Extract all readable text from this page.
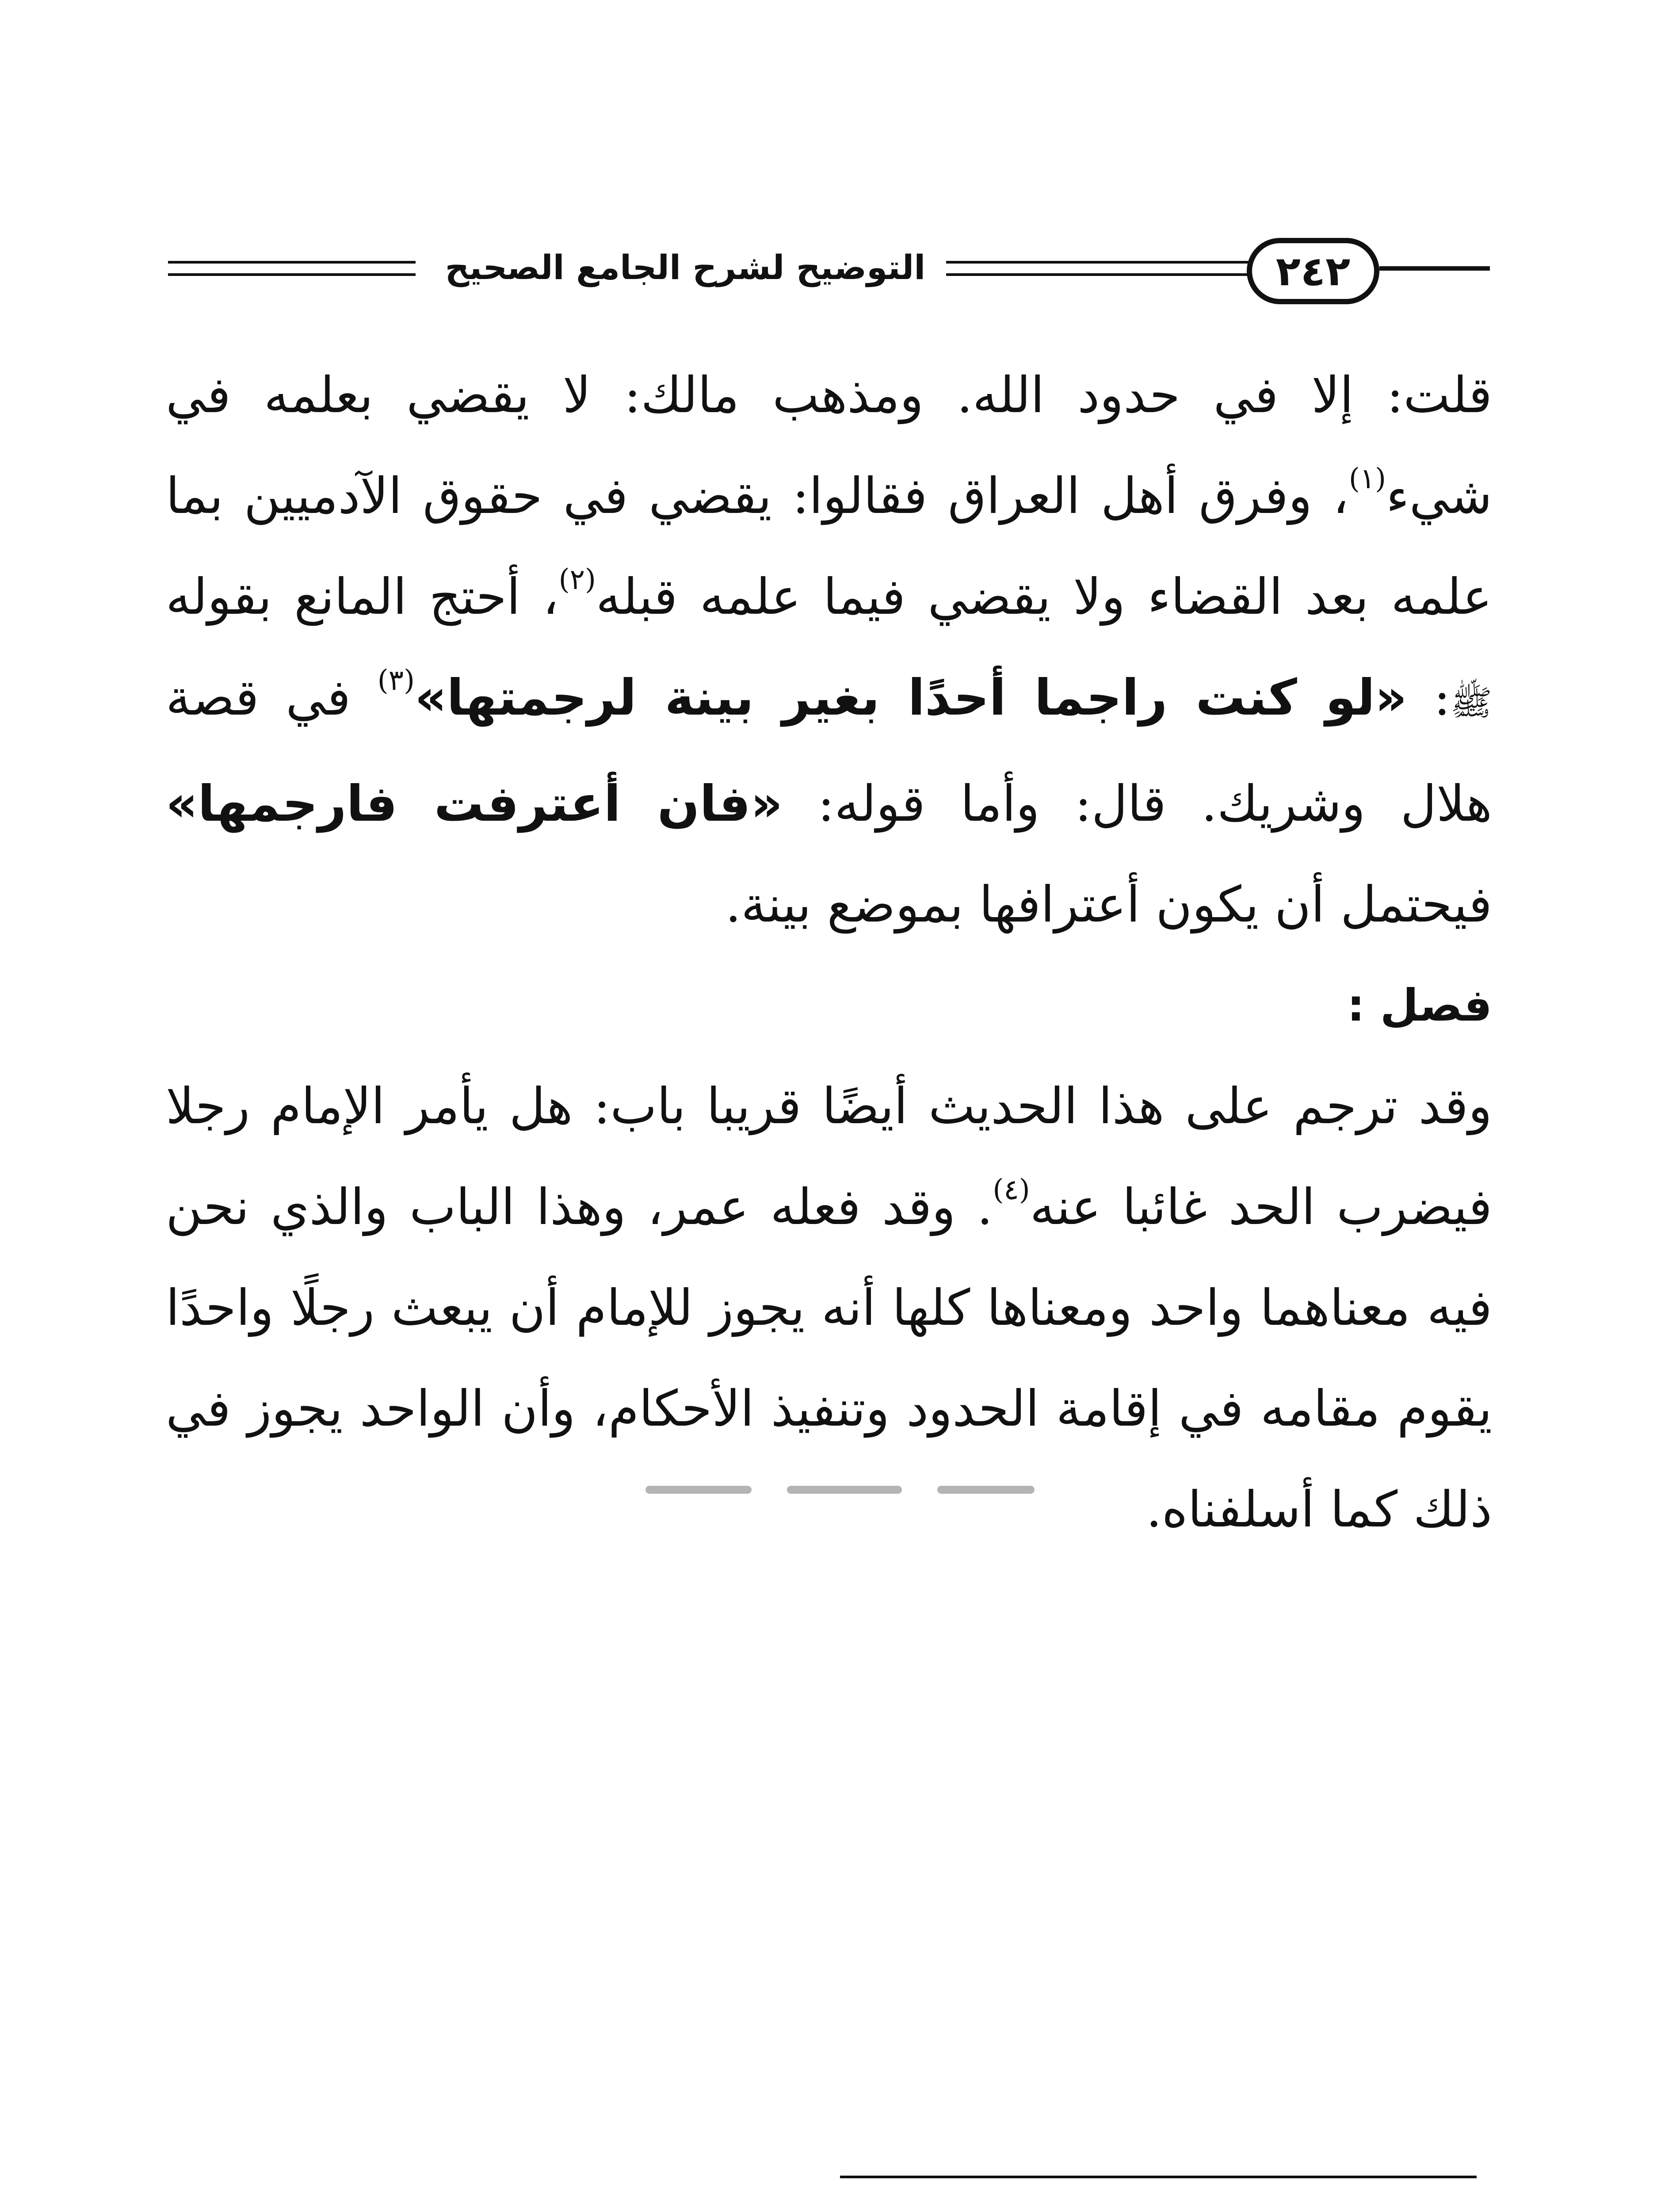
التوضيح لشرح الجامع الصحيح	٢٤٢

قلت: إلا في حدود الله. ومذهب مالك: لا يقضي بعلمه في شيء$^{(١)}$، وفرق أهل العراق فقالوا: يقضي في حقوق الآدميين بما علمه بعد القضاء ولا يقضي فيما علمه قبله$^{(٢)}$، أحتج المانع بقوله ﷺ: «لو كنت راجما أحدًا بغير بينة لرجمتها»$^{(٣)}$ في قصة هلال وشريك. قال: وأما قوله: «فان أعترفت فارجمها» فيحتمل أن يكون أعترافها بموضع بينة.

فصل :

وقد ترجم على هذا الحديث أيضًا قريبا باب: هل يأمر الإمام رجلا فيضرب الحد غائبا عنه$^{(٤)}$. وقد فعله عمر، وهذا الباب والذي نحن فيه معناهما واحد ومعناها كلها أنه يجوز للإمام أن يبعث رجلًا واحدًا يقوم مقامه في إقامة الحدود وتنفيذ الأحكام، وأن الواحد يجوز في ذلك كما أسلفناه.
